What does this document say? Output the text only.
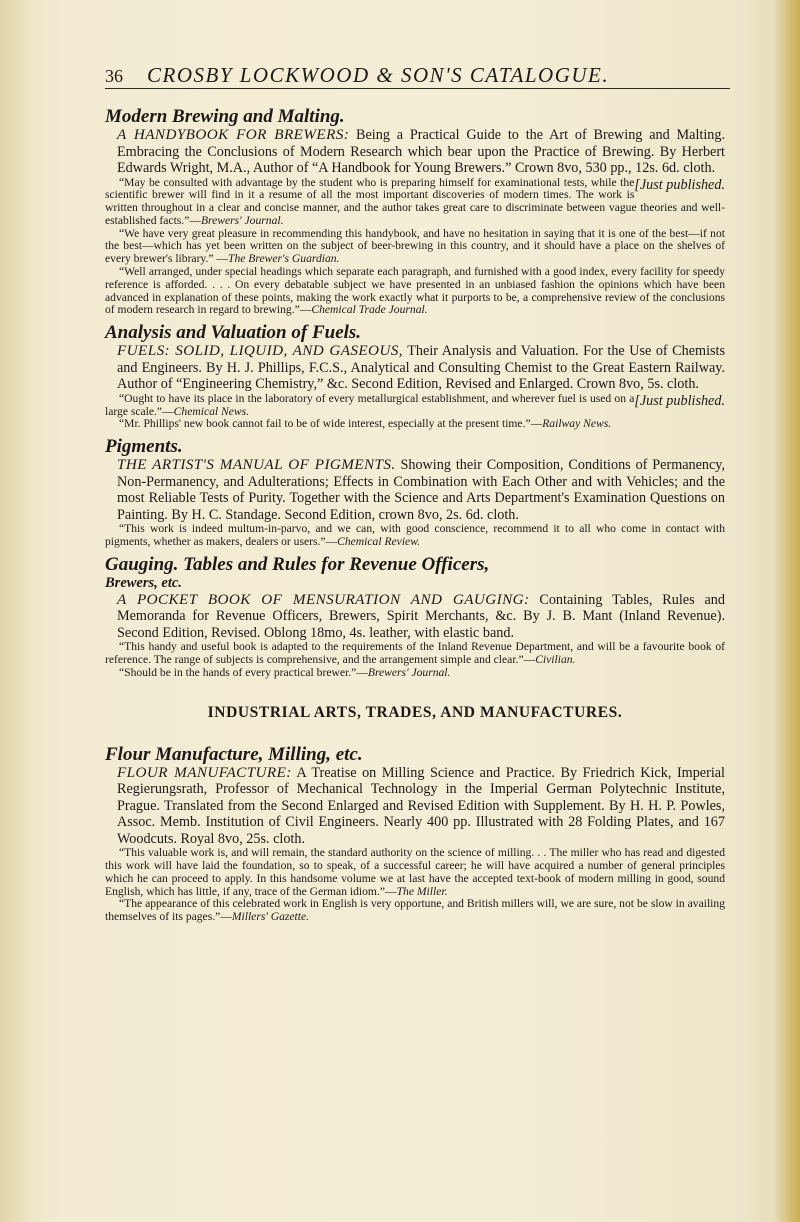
36	CROSBY LOCKWOOD & SON'S CATALOGUE.

Modern Brewing and Malting.

A HANDYBOOK FOR BREWERS: Being a Practical Guide to the Art of Brewing and Malting. Embracing the Conclusions of Modern Research which bear upon the Practice of Brewing. By Herbert Edwards Wright, M.A., Author of “A Handbook for Young Brewers.” Crown 8vo, 530 pp., 12s. 6d. cloth.
[Just published.

“May be consulted with advantage by the student who is preparing himself for examinational tests, while the scientific brewer will find in it a resume of all the most important discoveries of modern times. The work is written throughout in a clear and concise manner, and the author takes great care to discriminate between vague theories and well-established facts.”—Brewers' Journal.

“We have very great pleasure in recommending this handybook, and have no hesitation in saying that it is one of the best—if not the best—which has yet been written on the subject of beer-brewing in this country, and it should have a place on the shelves of every brewer's library.” —The Brewer's Guardian.

“Well arranged, under special headings which separate each paragraph, and furnished with a good index, every facility for speedy reference is afforded. . . . On every debatable subject we have presented in an unbiased fashion the opinions which have been advanced in explanation of these points, making the work exactly what it purports to be, a comprehensive review of the conclusions of modern research in regard to brewing.”—Chemical Trade Journal.

Analysis and Valuation of Fuels.

FUELS: SOLID, LIQUID, AND GASEOUS, Their Analysis and Valuation. For the Use of Chemists and Engineers. By H. J. Phillips, F.C.S., Analytical and Consulting Chemist to the Great Eastern Railway. Author of “Engineering Chemistry,” &c. Second Edition, Revised and Enlarged. Crown 8vo, 5s. cloth.
[Just published.

“Ought to have its place in the laboratory of every metallurgical establishment, and wherever fuel is used on a large scale.”—Chemical News.

“Mr. Phillips' new book cannot fail to be of wide interest, especially at the present time.”—Railway News.

Pigments.

THE ARTIST'S MANUAL OF PIGMENTS. Showing their Composition, Conditions of Permanency, Non-Permanency, and Adulterations; Effects in Combination with Each Other and with Vehicles; and the most Reliable Tests of Purity. Together with the Science and Arts Department's Examination Questions on Painting. By H. C. Standage. Second Edition, crown 8vo, 2s. 6d. cloth.

“This work is indeed multum-in-parvo, and we can, with good conscience, recommend it to all who come in contact with pigments, whether as makers, dealers or users.”—Chemical Review.

Gauging. Tables and Rules for Revenue Officers,

Brewers, etc.

A POCKET BOOK OF MENSURATION AND GAUGING: Containing Tables, Rules and Memoranda for Revenue Officers, Brewers, Spirit Merchants, &c. By J. B. Mant (Inland Revenue). Second Edition, Revised. Oblong 18mo, 4s. leather, with elastic band.

“This handy and useful book is adapted to the requirements of the Inland Revenue Department, and will be a favourite book of reference. The range of subjects is comprehensive, and the arrangement simple and clear.”—Civilian.

“Should be in the hands of every practical brewer.”—Brewers' Journal.

INDUSTRIAL ARTS, TRADES, AND MANUFACTURES.

Flour Manufacture, Milling, etc.

FLOUR MANUFACTURE: A Treatise on Milling Science and Practice. By Friedrich Kick, Imperial Regierungsrath, Professor of Mechanical Technology in the Imperial German Polytechnic Institute, Prague. Translated from the Second Enlarged and Revised Edition with Supplement. By H. H. P. Powles, Assoc. Memb. Institution of Civil Engineers. Nearly 400 pp. Illustrated with 28 Folding Plates, and 167 Woodcuts. Royal 8vo, 25s. cloth.

“This valuable work is, and will remain, the standard authority on the science of milling. . . The miller who has read and digested this work will have laid the foundation, so to speak, of a successful career; he will have acquired a number of general principles which he can proceed to apply. In this handsome volume we at last have the accepted text-book of modern milling in good, sound English, which has little, if any, trace of the German idiom.”—The Miller.

“The appearance of this celebrated work in English is very opportune, and British millers will, we are sure, not be slow in availing themselves of its pages.”—Millers' Gazette.
